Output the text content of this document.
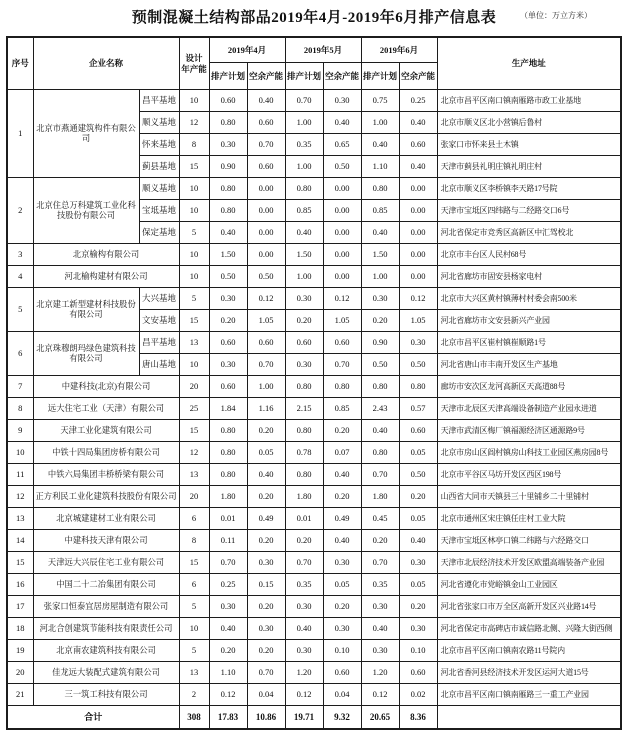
预制混凝土结构部品2019年4月-2019年6月排产信息表	（单位：万立方米）
序号	企业名称		设计
年产能	2019年4月		2019年5月		2019年6月		生产地址
				排产计划	空余产能	排产计划	空余产能	排产计划	空余产能	
1	北京市燕通建筑构件有限公司	昌平基地	10	0.60	0.40	0.70	0.30	0.75	0.25	北京市昌平区南口镇南雁路市政工业基地
		顺义基地	12	0.80	0.60	1.00	0.40	1.00	0.40	北京市顺义区北小营镇后鲁村
		怀来基地	8	0.30	0.70	0.35	0.65	0.40	0.60	张家口市怀来县土木镇
		蓟县基地	15	0.90	0.60	1.00	0.50	1.10	0.40	天津市蓟县礼明庄镇礼明庄村
2	北京住总万科建筑工业化科技股份有限公司	顺义基地	10	0.80	0.00	0.80	0.00	0.80	0.00	北京市顺义区李桥镇李天路17号院
		宝坻基地	10	0.80	0.00	0.85	0.00	0.85	0.00	天津市宝坻区四纬路与二经路交口6号
		保定基地	5	0.40	0.00	0.40	0.00	0.40	0.00	河北省保定市竞秀区高新区中汇驾校北
3	北京榆构有限公司		10	1.50	0.00	1.50	0.00	1.50	0.00	北京市丰台区人民村68号
4	河北榆构建材有限公司		10	0.50	0.50	1.00	0.00	1.00	0.00	河北省廊坊市固安县杨家电村
5	北京建工新型建材科技股份有限公司	大兴基地	5	0.30	0.12	0.30	0.12	0.30	0.12	北京市大兴区黄村镇薄村村委会南500米
		文安基地	15	0.20	1.05	0.20	1.05	0.20	1.05	河北省廊坊市文安县新兴产业园
6	北京珠穆朗玛绿色建筑科技有限公司	昌平基地	13	0.60	0.60	0.60	0.60	0.90	0.30	北京市昌平区崔村镇崔顺路1号
		唐山基地	10	0.30	0.70	0.30	0.70	0.50	0.50	河北省唐山市丰南开发区生产基地
7	中建科技(北京)有限公司		20	0.60	1.00	0.80	0.80	0.80	0.80	廊坊市安次区龙河高新区天高道88号
8	远大住宅工业（天津）有限公司		25	1.84	1.16	2.15	0.85	2.43	0.57	天津市北辰区天津高端设备制造产业园永进道
9	天津工业化建筑有限公司		15	0.80	0.20	0.80	0.20	0.40	0.60	天津市武清区梅厂镇福源经济区通源路9号
10	中铁十四局集团房桥有限公司		12	0.80	0.05	0.78	0.07	0.80	0.05	北京市房山区阎村镇房山科技工业园区燕房园8号
11	中铁六局集团丰桥桥梁有限公司		13	0.80	0.40	0.80	0.40	0.70	0.50	北京市平谷区马坊开发区西区198号
12	正方利民工业化建筑科技股份有限公司		20	1.80	0.20	1.80	0.20	1.80	0.20	山西省大同市天镇县三十里铺乡二十里铺村
13	北京城建建材工业有限公司		6	0.01	0.49	0.01	0.49	0.45	0.05	北京市通州区宋庄镇任庄村工业大院
14	中建科技天津有限公司		8	0.11	0.20	0.20	0.40	0.20	0.40	天津市宝坻区林亭口镇二纬路与六经路交口
15	天津远大兴辰住宅工业有限公司		15	0.70	0.30	0.70	0.30	0.70	0.30	天津市北辰经济技术开发区欧盟高端装备产业园
16	中国二十二冶集团有限公司		6	0.25	0.15	0.35	0.05	0.35	0.05	河北省遵化市党峪镇金山工业园区
17	张家口恒泰宜居房屋制造有限公司		5	0.30	0.20	0.30	0.20	0.30	0.20	河北省张家口市万全区高新开发区兴业路14号
18	河北合创建筑节能科技有限责任公司		10	0.40	0.30	0.40	0.30	0.40	0.30	河北省保定市高碑店市诚信路北侧、兴隆大街西侧
19	北京南农建筑科技有限公司		5	0.20	0.20	0.30	0.10	0.30	0.10	北京市昌平区南口镇南农路11号院内
20	佳龙远大装配式建筑有限公司		13	1.10	0.70	1.20	0.60	1.20	0.60	河北省香河县经济技术开发区运河大道15号
21	三一筑工科技有限公司		2	0.12	0.04	0.12	0.04	0.12	0.02	北京市昌平区南口镇南雁路三一重工产业园
合计			308	17.83	10.86	19.71	9.32	20.65	8.36	
